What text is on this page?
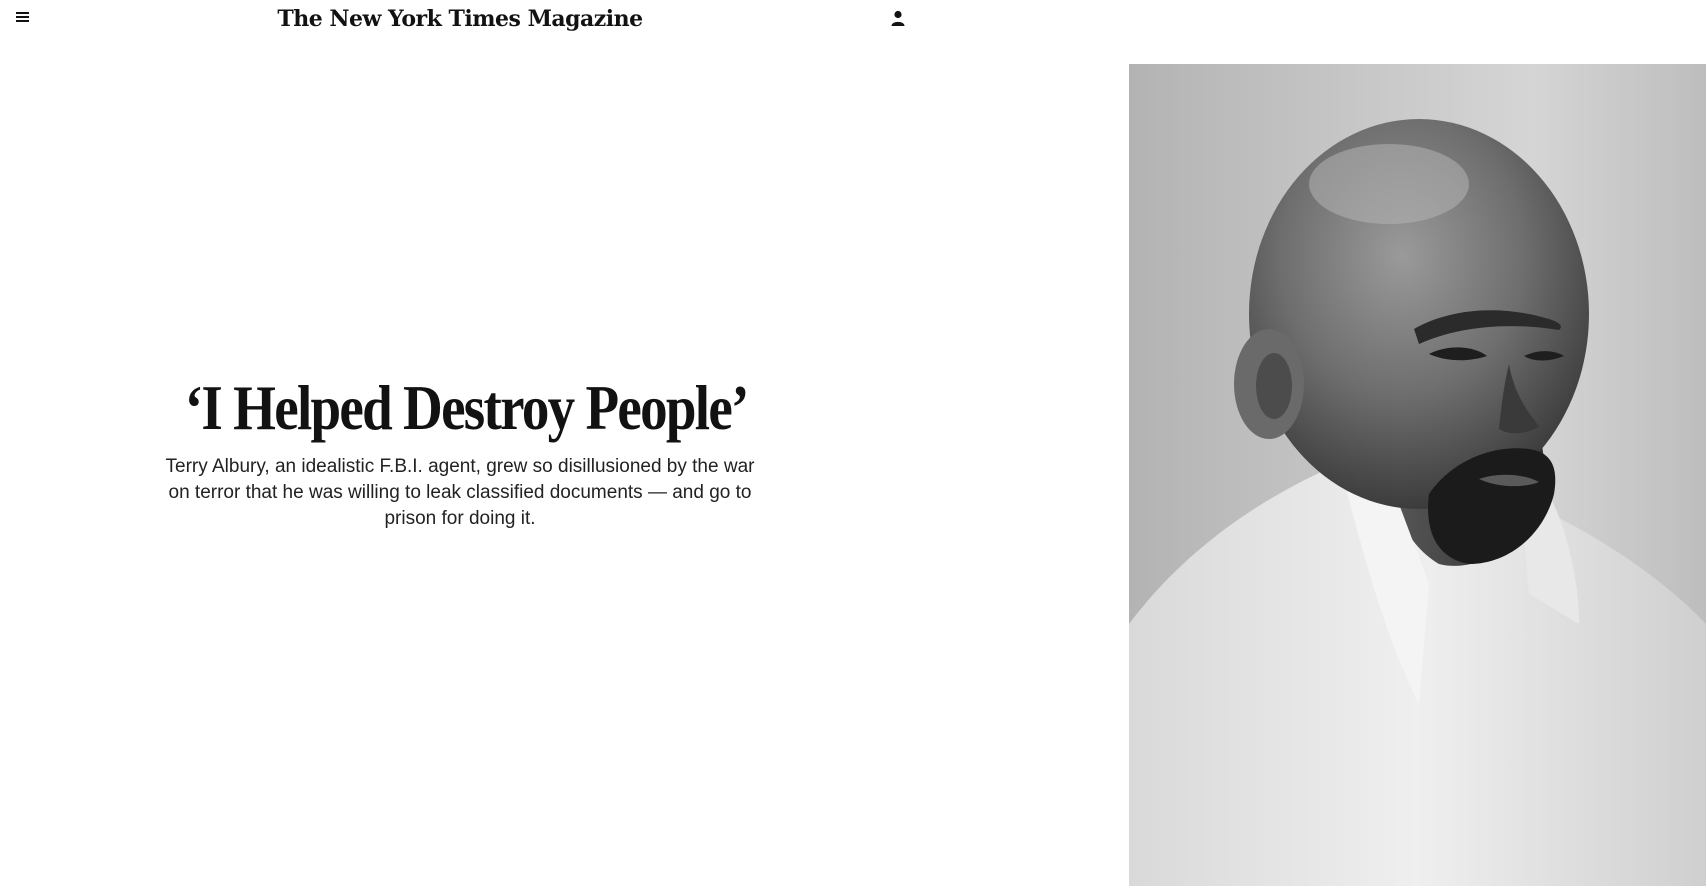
The New York Times Magazine
‘I Helped Destroy People’

Terry Albury, an idealistic F.B.I. agent, grew so disillusioned by the war on terror that he was willing to leak classified documents — and go to prison for doing it.
